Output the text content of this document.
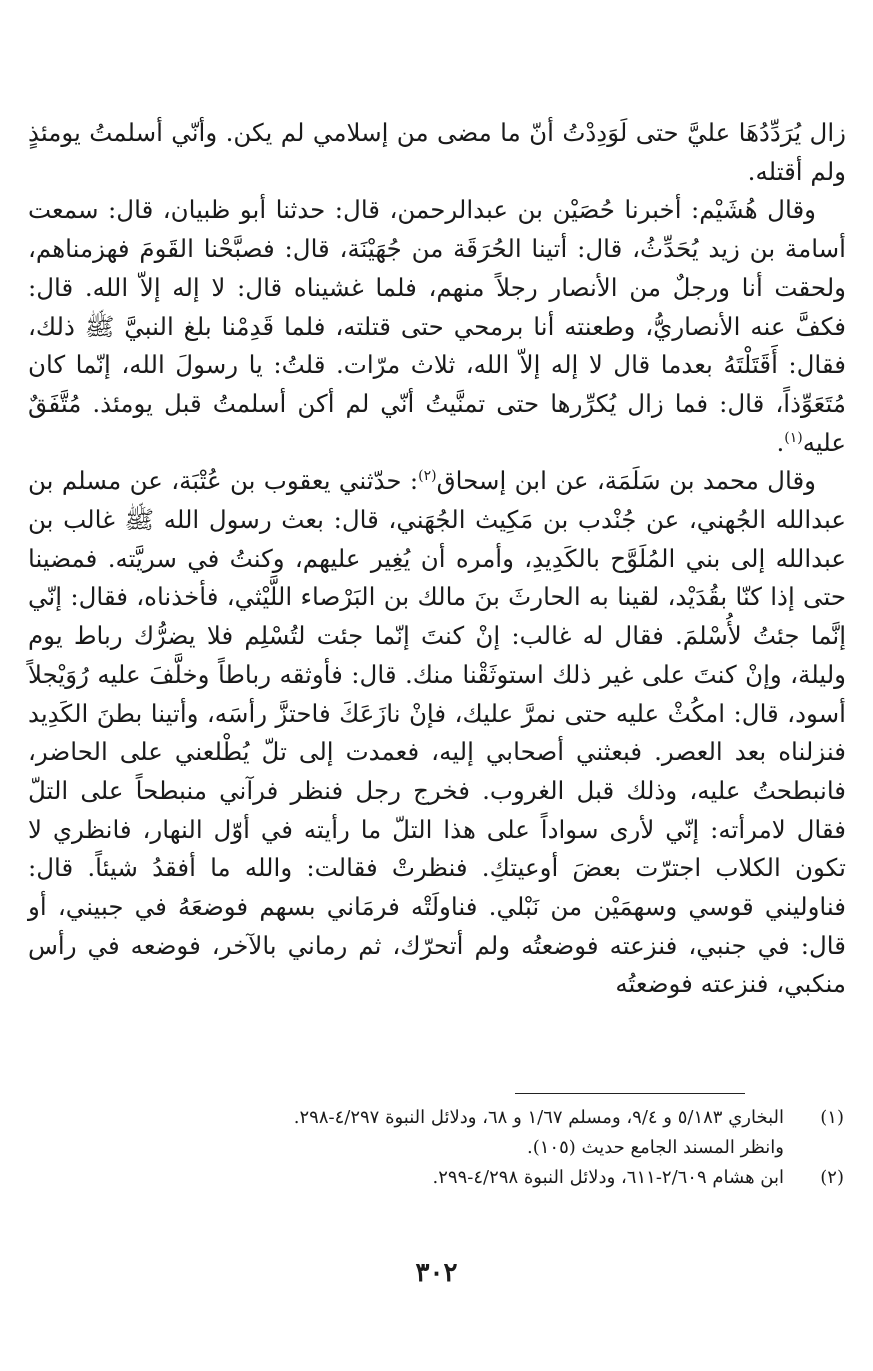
زال يُرَدِّدُهَا عليَّ حتى لَوَدِدْتُ أنّ ما مضى من إسلامي لم يكن. وأنّي أسلمتُ يومئذٍ ولم أقتله.

وقال هُشَيْم: أخبرنا حُصَيْن بن عبدالرحمن، قال: حدثنا أبو ظبيان، قال: سمعت أسامة بن زيد يُحَدِّثُ، قال: أتينا الحُرَقَة من جُهَيْنَة، قال: فصبَّحْنا القَومَ فهزمناهم، ولحقت أنا ورجلٌ من الأنصار رجلاً منهم، فلما غشيناه قال: لا إله إلاّ الله. قال: فكفَّ عنه الأنصاريُّ، وطعنته أنا برمحي حتى قتلته، فلما قَدِمْنا بلغ النبيَّ ﷺ ذلك، فقال: أَقَتَلْتَهُ بعدما قال لا إله إلاّ الله، ثلاث مرّات. قلتُ: يا رسولَ الله، إنّما كان مُتَعَوِّذاً، قال: فما زال يُكرِّرها حتى تمنَّيتُ أنّي لم أكن أسلمتُ قبل يومئذ. مُتَّفَقٌ عليه$^{(١)}$.

وقال محمد بن سَلَمَة، عن ابن إسحاق$^{(٢)}$: حدّثني يعقوب بن عُتْبَة، عن مسلم بن عبدالله الجُهني، عن جُنْدب بن مَكِيث الجُهَني، قال: بعث رسول الله ﷺ غالب بن عبدالله إلى بني المُلَوَّح بالكَدِيدِ، وأمره أن يُغِير عليهم، وكنتُ في سريَّته. فمضينا حتى إذا كنّا بقُدَيْد، لقينا به الحارثَ بنَ مالك بن البَرْصاء اللَّيْثي، فأخذناه، فقال: إنّي إنَّما جئتُ لأُسْلمَ. فقال له غالب: إنْ كنتَ إنّما جئت لتُسْلِم فلا يضرُّك رباط يوم وليلة، وإنْ كنتَ على غير ذلك استوثَقْنا منك. قال: فأوثقه رباطاً وخلَّفَ عليه رُوَيْجلاً أسود، قال: امكُثْ عليه حتى نمرَّ عليك، فإنْ نازَعَكَ فاحتزَّ رأسَه، وأتينا بطنَ الكَدِيد فنزلناه بعد العصر. فبعثني أصحابي إليه، فعمدت إلى تلّ يُطْلعني على الحاضر، فانبطحتُ عليه، وذلك قبل الغروب. فخرج رجل فنظر فرآني منبطحاً على التلّ فقال لامرأته: إنّي لأرى سواداً على هذا التلّ ما رأيته في أوّل النهار، فانظري لا تكون الكلاب اجترّت بعضَ أوعيتكِ. فنظرتْ فقالت: والله ما أفقدُ شيئاً. قال: فناوليني قوسي وسهمَيْن من نَبْلي. فناولَتْه فرمَاني بسهم فوضعَهُ في جبيني، أو قال: في جنبي، فنزعته فوضعتُه ولم أتحرّك، ثم رماني بالآخر، فوضعه في رأس منكبي، فنزعته فوضعتُه

(١)
البخاري ٥/١٨٣ و ٩/٤، ومسلم ١/٦٧ و ٦٨، ودلائل النبوة ٤/٢٩٧-٢٩٨.
وانظر المسند الجامع حديث (١٠٥).
(٢)
ابن هشام ٢/٦٠٩-٦١١، ودلائل النبوة ٤/٢٩٨-٢٩٩.
٣٠٢
